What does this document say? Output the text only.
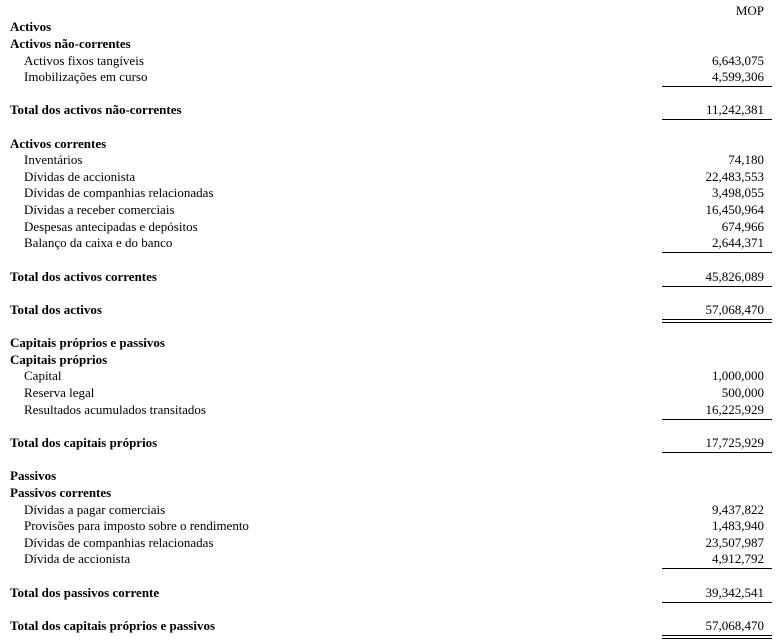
MOP
Activos
Activos não-correntes
Activos fixos tangíveis	6,643,075
Imobilizações em curso	4,599,306
Total dos activos não-correntes	11,242,381
Activos correntes
Inventários	74,180
Dívidas de accionista	22,483,553
Dívidas de companhias relacionadas	3,498,055
Dívidas a receber comerciais	16,450,964
Despesas antecipadas e depósitos	674,966
Balanço da caixa e do banco	2,644,371
Total dos activos correntes	45,826,089
Total dos activos	57,068,470
Capitais próprios e passivos
Capitais próprios
Capital	1,000,000
Reserva legal	500,000
Resultados acumulados transitados	16,225,929
Total dos capitais próprios	17,725,929
Passivos
Passivos correntes
Dívidas a pagar comerciais	9,437,822
Provisões para imposto sobre o rendimento	1,483,940
Dívidas de companhias relacionadas	23,507,987
Dívida de accionista	4,912,792
Total dos passivos corrente	39,342,541
Total dos capitais próprios e passivos	57,068,470
